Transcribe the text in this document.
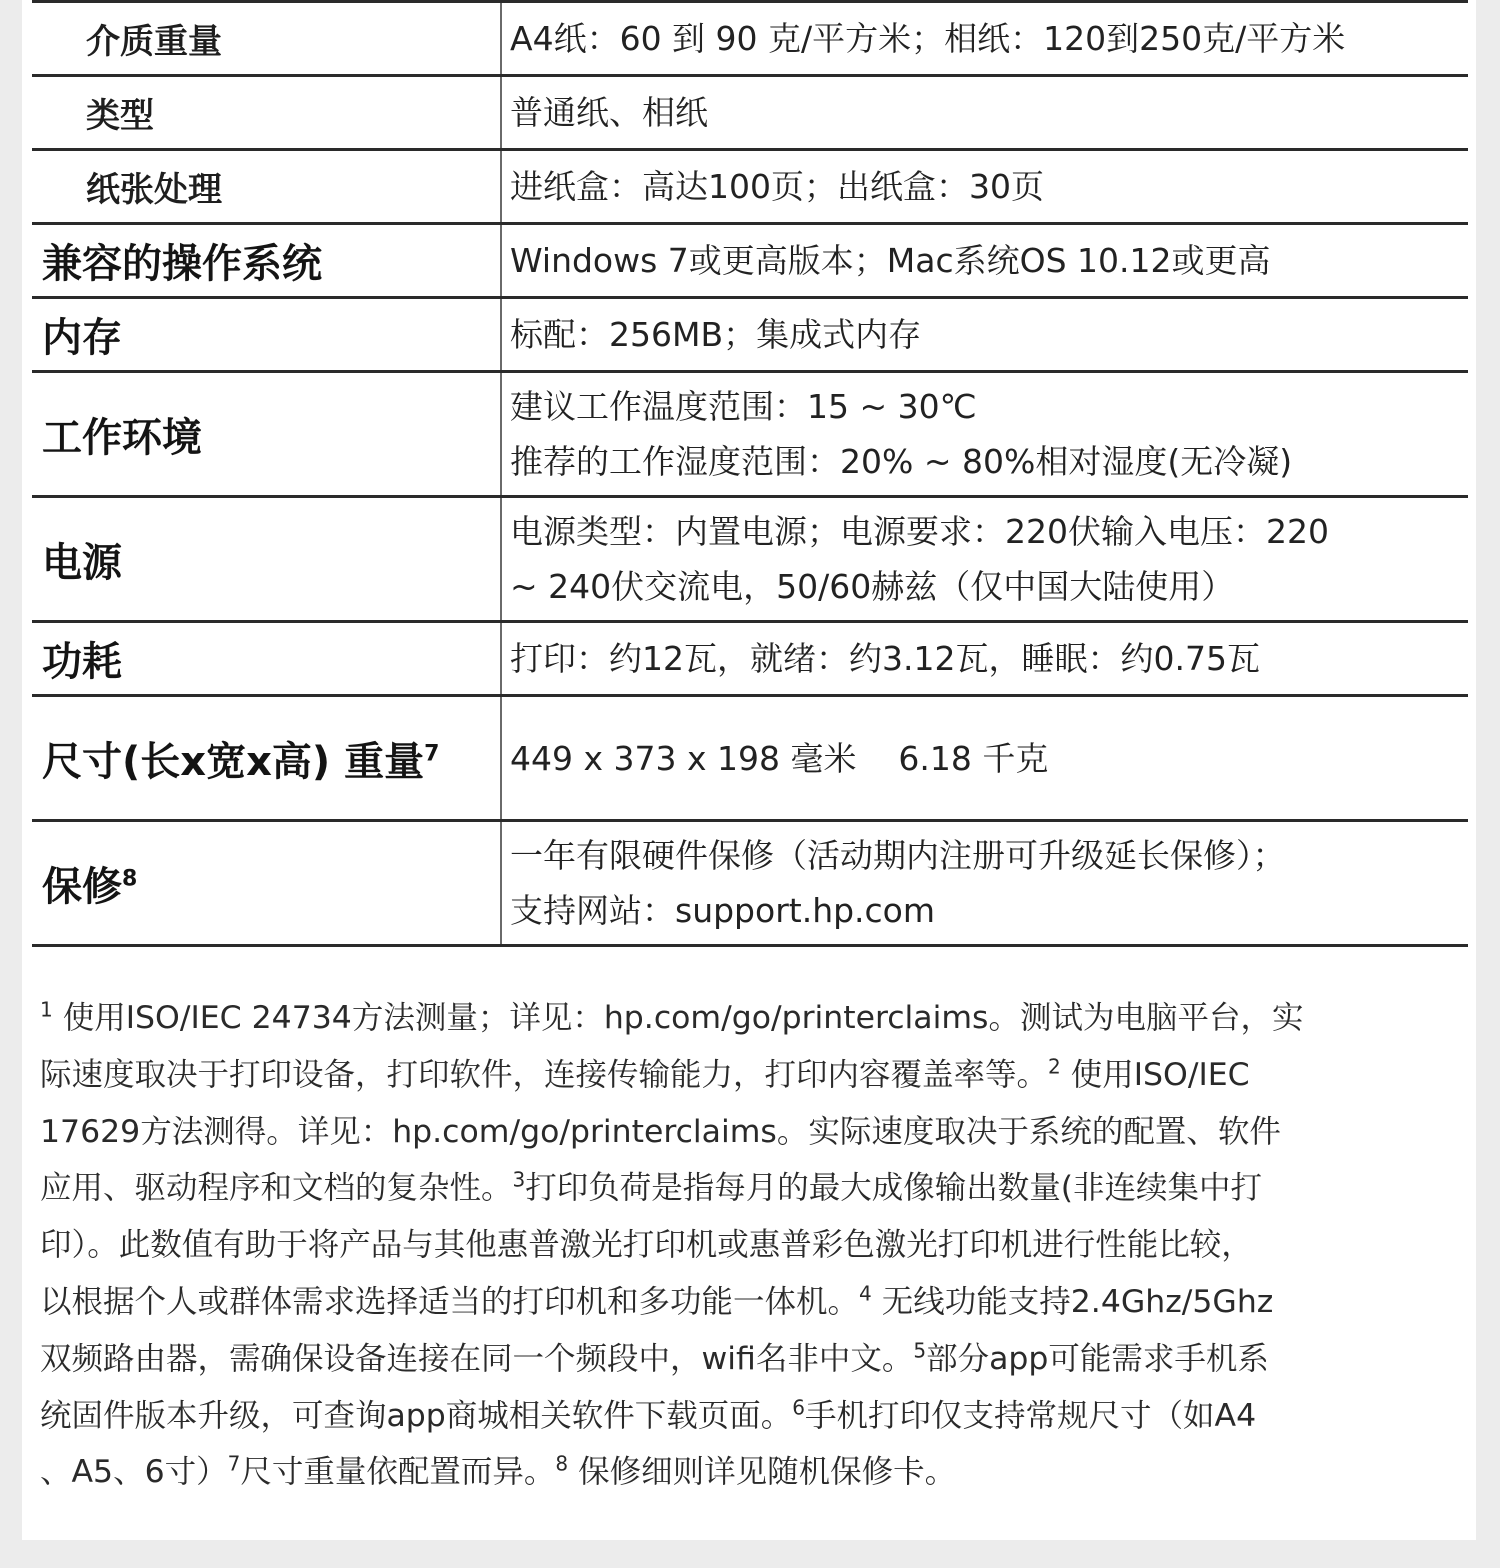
介质重量	A4纸：60 到 90 克/平方米；相纸：120到250克/平方米

类型	普通纸、相纸

纸张处理	进纸盒：高达100页；出纸盒：30页

兼容的操作系统	Windows 7或更高版本；Mac系统OS 10.12或更高

内存	标配：256MB；集成式内存

工作环境	建议工作温度范围：15 ~ 30℃
推荐的工作湿度范围：20% ~ 80%相对湿度(无冷凝)

电源	电源类型：内置电源；电源要求：220伏输入电压：220
~ 240伏交流电，50/60赫兹（仅中国大陆使用）

功耗	打印：约12瓦，就绪：约3.12瓦，睡眠：约0.75瓦

尺寸(长x宽x高) 重量$^7$	449 x 373 x 198 毫米    6.18 千克

保修$^8$	一年有限硬件保修（活动期内注册可升级延长保修）；
支持网站：support.hp.com
$^1$ 使用ISO/IEC 24734方法测量；详见：hp.com/go/printerclaims。测试为电脑平台，实
际速度取决于打印设备，打印软件，连接传输能力，打印内容覆盖率等。$^2$ 使用ISO/IEC
17629方法测得。详见：hp.com/go/printerclaims。实际速度取决于系统的配置、软件
应用、驱动程序和文档的复杂性。$^3$打印负荷是指每月的最大成像输出数量(非连续集中打
印）。此数值有助于将产品与其他惠普激光打印机或惠普彩色激光打印机进行性能比较，
以根据个人或群体需求选择适当的打印机和多功能一体机。$^4$ 无线功能支持2.4Ghz/5Ghz
双频路由器，需确保设备连接在同一个频段中，wifi名非中文。$^5$部分app可能需求手机系
统固件版本升级，可查询app商城相关软件下载页面。$^6$手机打印仅支持常规尺寸（如A4
、A5、6寸）$^7$尺寸重量依配置而异。$^8$ 保修细则详见随机保修卡。
